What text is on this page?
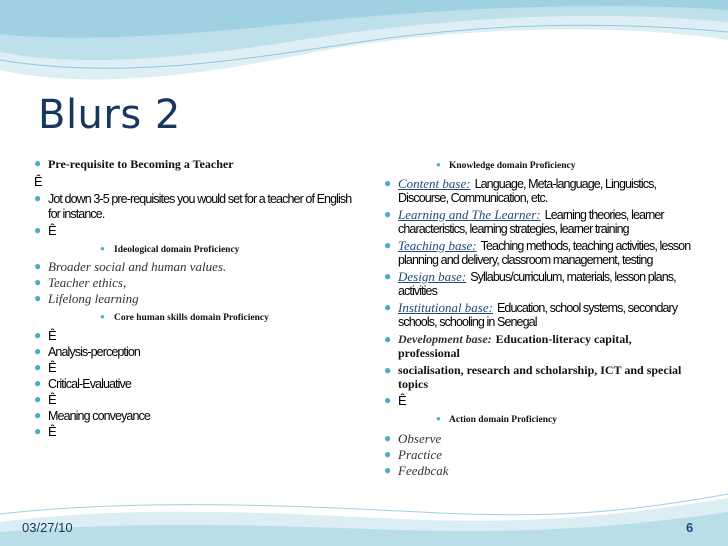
Blurs 2
● Pre-requisite to Becoming a Teacher
Ê
● Jot down 3-5 pre-requisites you would set for a teacher of English for instance.
● Ê
● Ideological domain Proficiency
● Broader social and human values.
● Teacher ethics,
● Lifelong learning
● Core human skills domain Proficiency
● Ê
● Analysis-perception
● Ê
● Critical-Evaluative
● Ê
● Meaning conveyance
● Ê
● Knowledge domain Proficiency
● Content base: Language, Meta-language, Linguistics, Discourse, Communication, etc.
● Learning and The Learner: Learning theories, learner characteristics, learning strategies, learner training
● Teaching base: Teaching methods, teaching activities, lesson planning and delivery, classroom management, testing
● Design base: Syllabus/curriculum, materials, lesson plans, activities
● Institutional base: Education, school systems, secondary schools, schooling in Senegal
● Development base: Education-literacy capital, professional
● socialisation, research and scholarship, ICT and special topics
● Ê
● Action domain Proficiency
● Observe
● Practice
● Feedbcak
03/27/10	6
